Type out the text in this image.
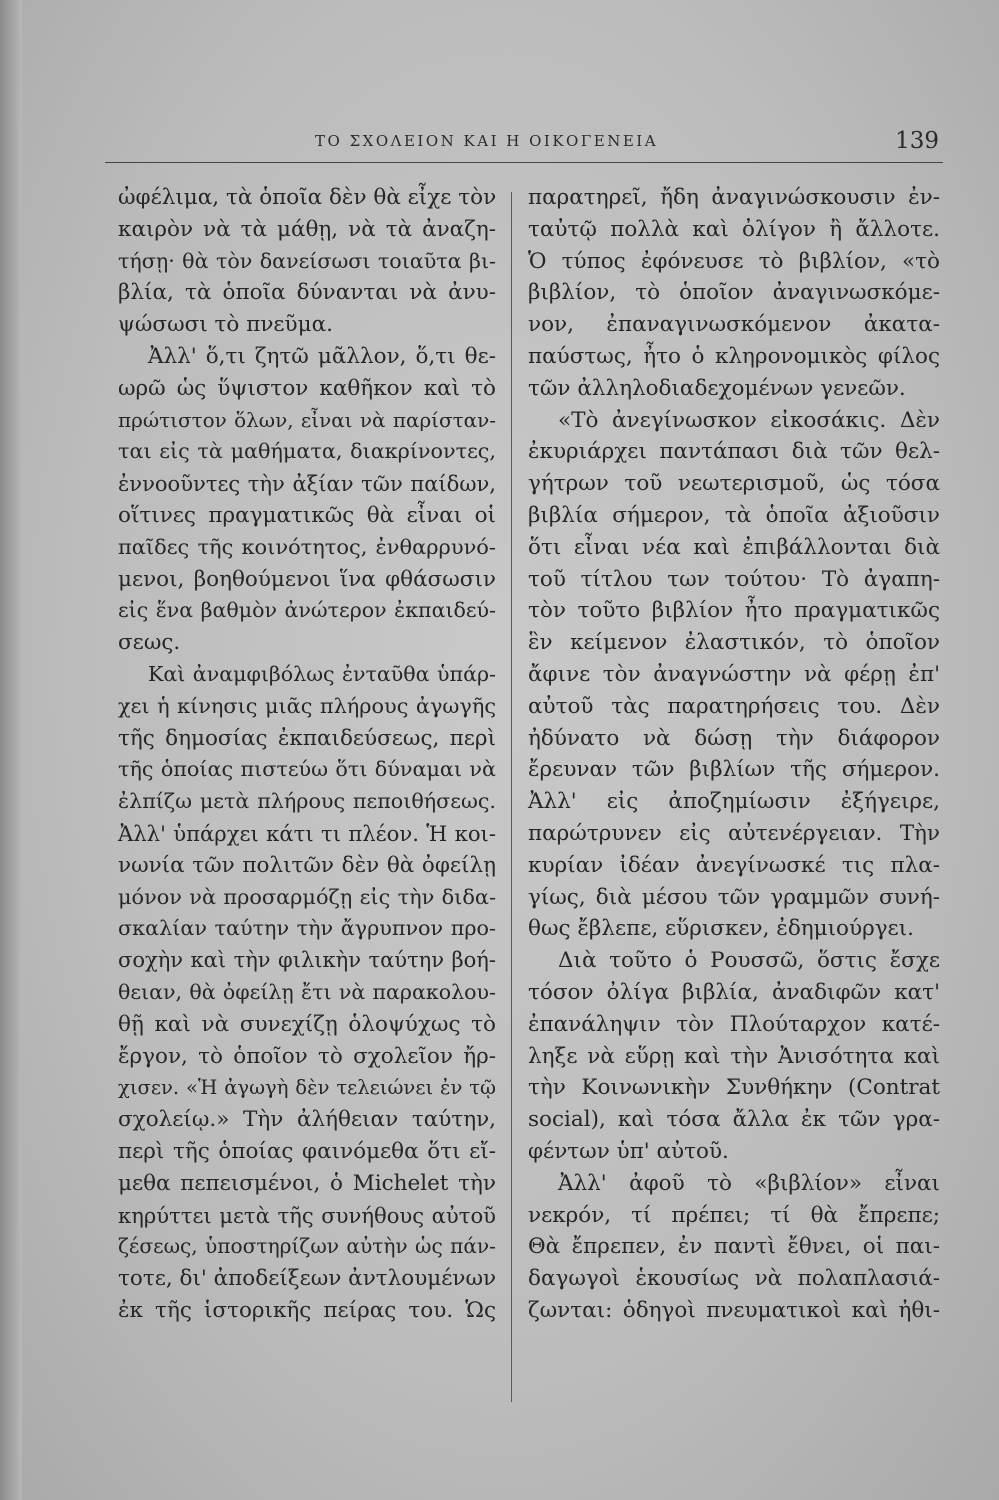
ΤΟ ΣΧΟΛΕΙΟΝ ΚΑΙ Η ΟΙΚΟΓΕΝΕΙΑ	139
ὠφέλιμα, τὰ ὁποῖα δὲν θὰ εἶχε τὸν
καιρὸν νὰ τὰ μάθῃ, νὰ τὰ ἀναζη-
τήσῃ· θὰ τὸν δανείσωσι τοιαῦτα βι-
βλία, τὰ ὁποῖα δύνανται νὰ ἀνυ-
ψώσωσι τὸ πνεῦμα.
Ἀλλ' ὅ,τι ζητῶ μᾶλλον, ὅ,τι θε-
ωρῶ ὡς ὕψιστον καθῆκον καὶ τὸ
πρώτιστον ὅλων, εἶναι νὰ παρίσταν-
ται εἰς τὰ μαθήματα, διακρίνοντες,
ἐννοοῦντες τὴν ἀξίαν τῶν παίδων,
οἵτινες πραγματικῶς θὰ εἶναι οἱ
παῖδες τῆς κοινότητος, ἐνθαρρυνό-
μενοι, βοηθούμενοι ἵνα φθάσωσιν
εἰς ἕνα βαθμὸν ἀνώτερον ἐκπαιδεύ-
σεως.
Καὶ ἀναμφιβόλως ἐνταῦθα ὑπάρ-
χει ἡ κίνησις μιᾶς πλήρους ἀγωγῆς
τῆς δημοσίας ἐκπαιδεύσεως, περὶ
τῆς ὁποίας πιστεύω ὅτι δύναμαι νὰ
ἐλπίζω μετὰ πλήρους πεποιθήσεως.
Ἀλλ' ὑπάρχει κάτι τι πλέον. Ἡ κοι-
νωνία τῶν πολιτῶν δὲν θὰ ὀφείλῃ
μόνον νὰ προσαρμόζῃ εἰς τὴν διδα-
σκαλίαν ταύτην τὴν ἄγρυπνον προ-
σοχὴν καὶ τὴν φιλικὴν ταύτην βοή-
θειαν, θὰ ὀφείλῃ ἔτι νὰ παρακολου-
θῇ καὶ νὰ συνεχίζῃ ὁλοψύχως τὸ
ἔργον, τὸ ὁποῖον τὸ σχολεῖον ἤρ-
χισεν. «Ἡ ἀγωγὴ δὲν τελειώνει ἐν τῷ
σχολείῳ.» Τὴν ἀλήθειαν ταύτην,
περὶ τῆς ὁποίας φαινόμεθα ὅτι εἴ-
μεθα πεπεισμένοι, ὁ Michelet τὴν
κηρύττει μετὰ τῆς συνήθους αὐτοῦ
ζέσεως, ὑποστηρίζων αὐτὴν ὡς πάν-
τοτε, δι' ἀποδείξεων ἀντλουμένων
ἐκ τῆς ἱστορικῆς πείρας του. Ὡς
παρατηρεῖ, ἤδη ἀναγινώσκουσιν ἐν-
ταὐτῷ πολλὰ καὶ ὀλίγον ἢ ἄλλοτε.
Ὁ τύπος ἐφόνευσε τὸ βιβλίον, «τὸ
βιβλίον, τὸ ὁποῖον ἀναγινωσκόμε-
νον, ἐπαναγινωσκόμενον ἀκατα-
παύστως, ἦτο ὁ κληρονομικὸς φίλος
τῶν ἀλληλοδιαδεχομένων γενεῶν.
«Τὸ ἀνεγίνωσκον εἰκοσάκις. Δὲν
ἐκυριάρχει παντάπασι διὰ τῶν θελ-
γήτρων τοῦ νεωτερισμοῦ, ὡς τόσα
βιβλία σήμερον, τὰ ὁποῖα ἀξιοῦσιν
ὅτι εἶναι νέα καὶ ἐπιβάλλονται διὰ
τοῦ τίτλου των τούτου· Τὸ ἀγαπη-
τὸν τοῦτο βιβλίον ἦτο πραγματικῶς
ἓν κείμενον ἐλαστικόν, τὸ ὁποῖον
ἄφινε τὸν ἀναγνώστην νὰ φέρῃ ἐπ'
αὐτοῦ τὰς παρατηρήσεις του. Δὲν
ἠδύνατο νὰ δώσῃ τὴν διάφορον
ἔρευναν τῶν βιβλίων τῆς σήμερον.
Ἀλλ' εἰς ἀποζημίωσιν ἐξήγειρε,
παρώτρυνεν εἰς αὐτενέργειαν. Τὴν
κυρίαν ἰδέαν ἀνεγίνωσκέ τις πλα-
γίως, διὰ μέσου τῶν γραμμῶν συνή-
θως ἔβλεπε, εὕρισκεν, ἐδημιούργει.
Διὰ τοῦτο ὁ Ρουσσῶ, ὅστις ἔσχε
τόσον ὀλίγα βιβλία, ἀναδιφῶν κατ'
ἐπανάληψιν τὸν Πλούταρχον κατέ-
ληξε νὰ εὕρῃ καὶ τὴν Ἀνισότητα καὶ
τὴν Κοινωνικὴν Συνθήκην (Contrat
social), καὶ τόσα ἄλλα ἐκ τῶν γρα-
φέντων ὑπ' αὐτοῦ.
Ἀλλ' ἀφοῦ τὸ «βιβλίον» εἶναι
νεκρόν, τί πρέπει; τί θὰ ἔπρεπε;
Θὰ ἔπρεπεν, ἐν παντὶ ἔθνει, οἱ παι-
δαγωγοὶ ἑκουσίως νὰ πολαπλασιά-
ζωνται: ὁδηγοὶ πνευματικοὶ καὶ ἠθι-
